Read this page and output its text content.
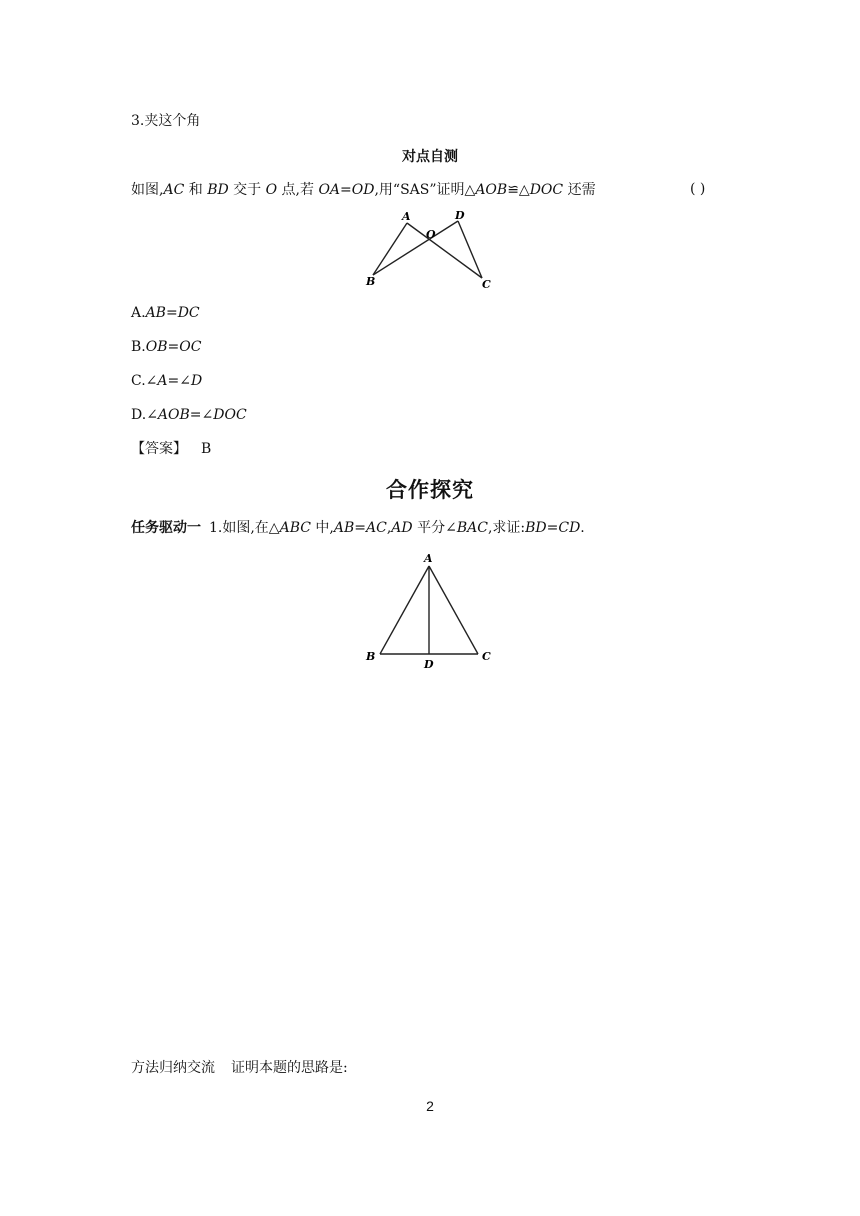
3.夹这个角
对点自测
如图,AC 和 BD 交于 O 点,若 OA=OD,用“SAS”证明△AOB≌△DOC 还需	( )
A	D
O
B	C
A.AB=DC
B.OB=OC
C.∠A=∠D
D.∠AOB=∠DOC
【答案】 B
合作探究
任务驱动一 1.如图,在△ABC 中,AB=AC,AD 平分∠BAC,求证:BD=CD.
A
B	C
D
方法归纳交流 证明本题的思路是:
2
